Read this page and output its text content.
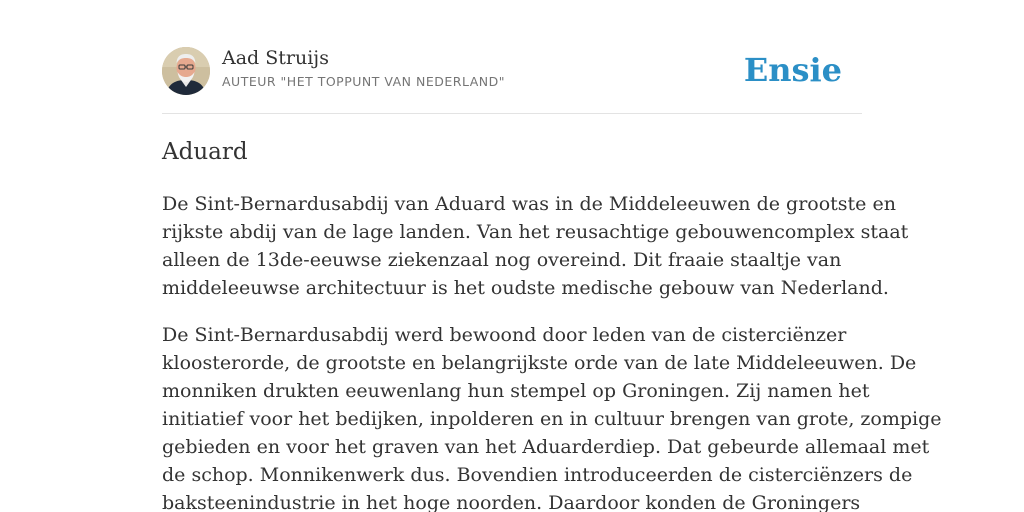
Aad Struijs
AUTEUR "HET TOPPUNT VAN NEDERLAND"	Ensie
Aduard

De Sint-Bernardusabdij van Aduard was in de Middeleeuwen de grootste en
rijkste abdij van de lage landen. Van het reusachtige gebouwencomplex staat
alleen de 13de-eeuwse ziekenzaal nog overeind. Dit fraaie staaltje van
middeleeuwse architectuur is het oudste medische gebouw van Nederland.

De Sint-Bernardusabdij werd bewoond door leden van de cisterciënzer
kloosterorde, de grootste en belangrijkste orde van de late Middeleeuwen. De
monniken drukten eeuwenlang hun stempel op Groningen. Zij namen het
initiatief voor het bedijken, inpolderen en in cultuur brengen van grote, zompige
gebieden en voor het graven van het Aduarderdiep. Dat gebeurde allemaal met
de schop. Monnikenwerk dus. Bovendien introduceerden de cisterciënzers de
baksteenindustrie in het hoge noorden. Daardoor konden de Groningers
